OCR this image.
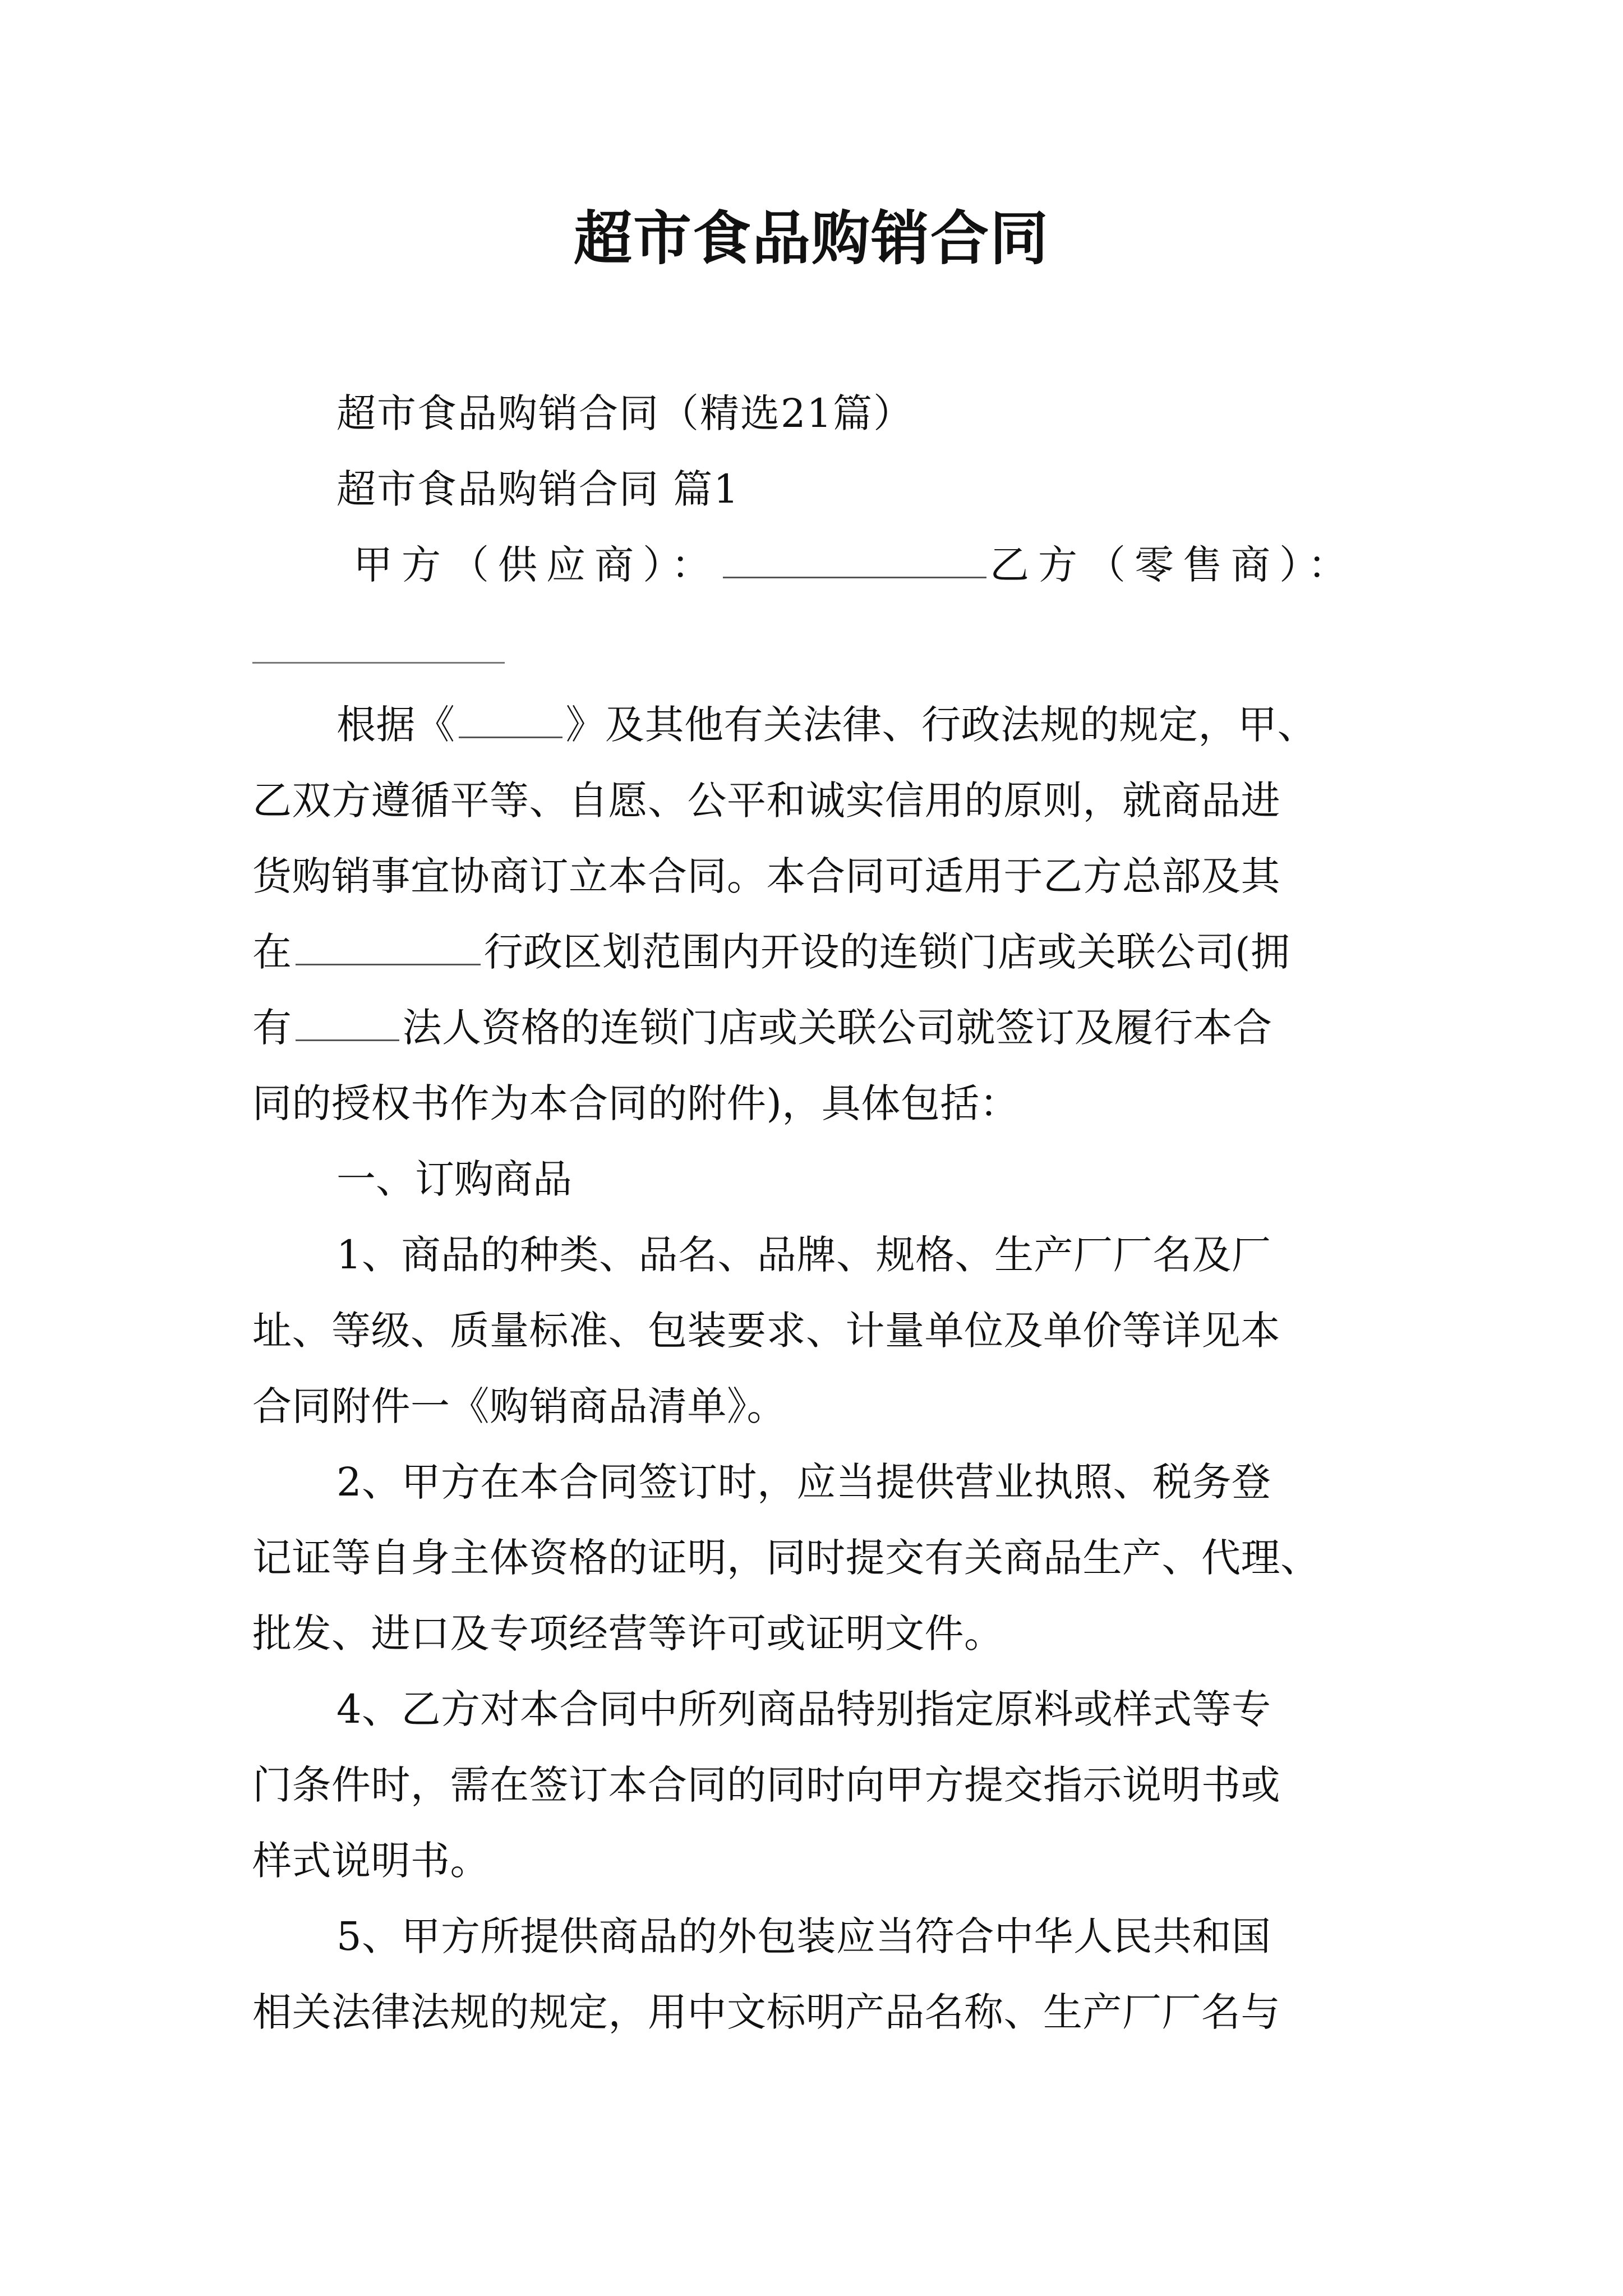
超市食品购销合同
超市食品购销合同（精选21篇）
超市食品购销合同 篇1
甲方（供应商）：	乙方（零售商）：
根据《	》及其他有关法律、行政法规的规定，甲、
乙双方遵循平等、自愿、公平和诚实信用的原则，就商品进
货购销事宜协商订立本合同。本合同可适用于乙方总部及其
在	行政区划范围内开设的连锁门店或关联公司(拥
有	法人资格的连锁门店或关联公司就签订及履行本合
同的授权书作为本合同的附件)，具体包括：
一、订购商品
1、商品的种类、品名、品牌、规格、生产厂厂名及厂
址、等级、质量标准、包装要求、计量单位及单价等详见本
合同附件一《购销商品清单》。
2、甲方在本合同签订时，应当提供营业执照、税务登
记证等自身主体资格的证明，同时提交有关商品生产、代理、
批发、进口及专项经营等许可或证明文件。
4、乙方对本合同中所列商品特别指定原料或样式等专
门条件时，需在签订本合同的同时向甲方提交指示说明书或
样式说明书。
5、甲方所提供商品的外包装应当符合中华人民共和国
相关法律法规的规定，用中文标明产品名称、生产厂厂名与
